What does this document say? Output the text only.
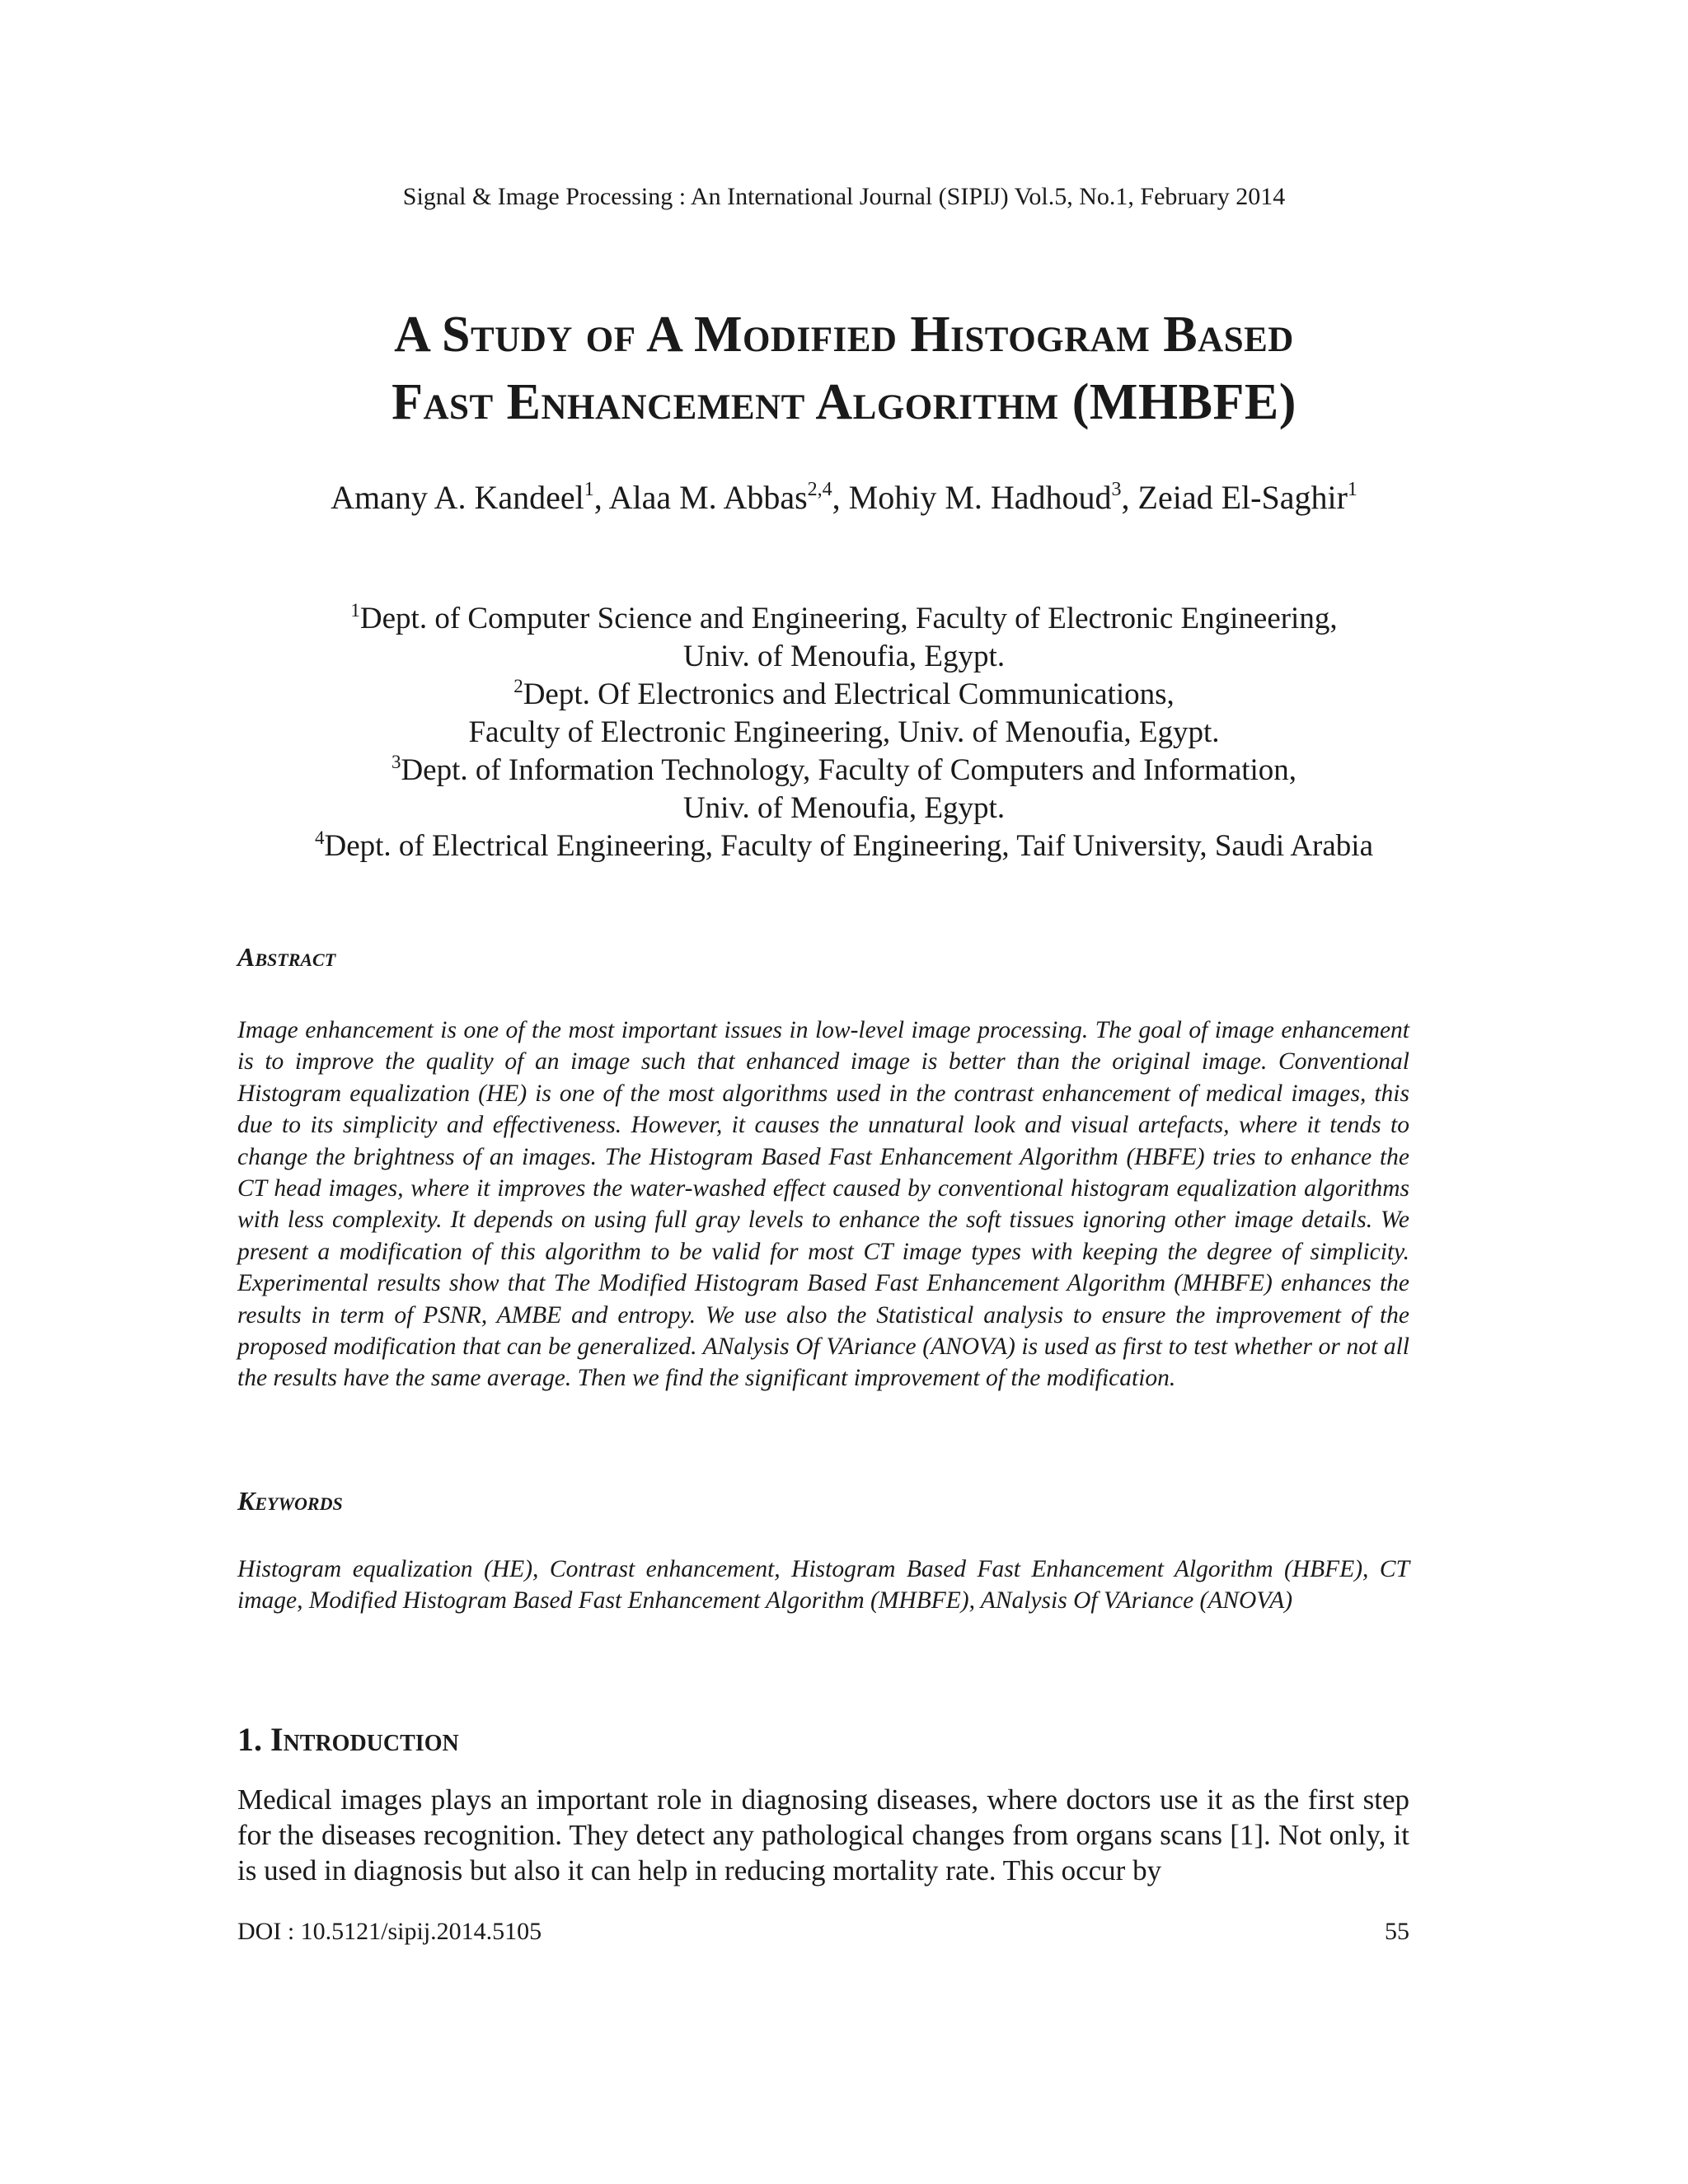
Signal & Image Processing : An International Journal (SIPIJ) Vol.5, No.1, February 2014
A Study of A Modified Histogram Based
Fast Enhancement Algorithm (MHBFE)
Amany A. Kandeel$^1$, Alaa M. Abbas$^{2,4}$, Mohiy M. Hadhoud$^3$, Zeiad El-Saghir$^1$
$^1$Dept. of Computer Science and Engineering, Faculty of Electronic Engineering,
Univ. of Menoufia, Egypt.
$^2$Dept. Of Electronics and Electrical Communications,
Faculty of Electronic Engineering, Univ. of Menoufia, Egypt.
$^3$Dept. of Information Technology, Faculty of Computers and Information,
Univ. of Menoufia, Egypt.
$^4$Dept. of Electrical Engineering, Faculty of Engineering, Taif University, Saudi Arabia
Abstract
Image enhancement is one of the most important issues in low-level image processing. The goal of image enhancement is to improve the quality of an image such that enhanced image is better than the original image. Conventional Histogram equalization (HE) is one of the most algorithms used in the contrast enhancement of medical images, this due to its simplicity and effectiveness. However, it causes the unnatural look and visual artefacts, where it tends to change the brightness of an images. The Histogram Based Fast Enhancement Algorithm (HBFE) tries to enhance the CT head images, where it improves the water-washed effect caused by conventional histogram equalization algorithms with less complexity. It depends on using full gray levels to enhance the soft tissues ignoring other image details. We present a modification of this algorithm to be valid for most CT image types with keeping the degree of simplicity. Experimental results show that The Modified Histogram Based Fast Enhancement Algorithm (MHBFE) enhances the results in term of PSNR, AMBE and entropy. We use also the Statistical analysis to ensure the improvement of the proposed modification that can be generalized. ANalysis Of VAriance (ANOVA) is used as first to test whether or not all the results have the same average. Then we find the significant improvement of the modification.
Keywords
Histogram equalization (HE), Contrast enhancement, Histogram Based Fast Enhancement Algorithm (HBFE), CT image, Modified Histogram Based Fast Enhancement Algorithm (MHBFE), ANalysis Of VAriance (ANOVA)
1. Introduction
Medical images plays an important role in diagnosing diseases, where doctors use it as the first step for the diseases recognition. They detect any pathological changes from organs scans [1]. Not only, it is used in diagnosis but also it can help in reducing mortality rate. This occur by
DOI : 10.5121/sipij.2014.5105	55
